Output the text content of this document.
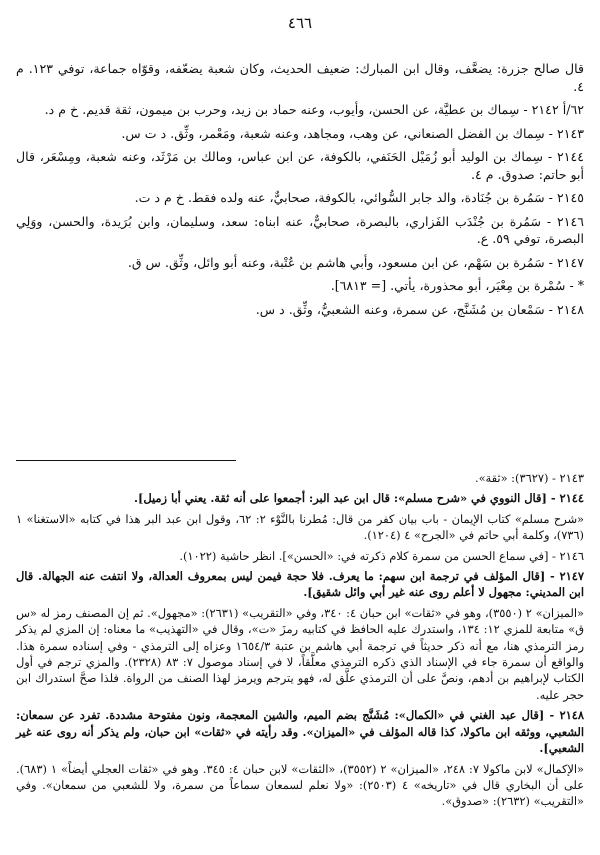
٤٦٦

قال صالح جزرة: يضعَّف، وقال ابن المبارك: ضعيف الحديث، وكان شعبة يضعّفه، وقوّاه جماعة، توفي ١٢٣. م ٤.

٦٢/أ ٢١٤٢ - سِماك بن عطيَّة، عن الحسن، وأيوب، وعنه حماد بن زيد، وحرب بن ميمون، ثقة قديم. خ م د.

٢١٤٣ - سِماك بن الفضل الصنعاني، عن وهب، ومجاهد، وعنه شعبة، ومَعْمر، وثِّق. د ت س.

٢١٤٤ - سِماك بن الوليد أبو زُمَيْل الحَنَفي، بالكوفة، عن ابن عباس، ومالك بن مَرْثَد، وعنه شعبة، ومِسْعَر، قال أبو حاتم: صدوق. م ٤.

٢١٤٥ - سَمُرة بن جُنَادة، والد جابر السُّوائي، بالكوفة، صحابيٌّ، عنه ولده فقط. خ م د ت.

٢١٤٦ - سَمُرة بن جُنْدَب الفَزاري، بالبصرة، صحابيٌّ، عنه ابناه: سعد، وسليمان، وابن بُرَيدة، والحسن، ووَلِي البصرة، توفي ٥٩. ع.

٢١٤٧ - سَمُرة بن سَهْم، عن ابن مسعود، وأبي هاشم بن عُتْبة، وعنه أبو وائل، وثِّق. س ق.

* - سُمْرة بن مِعْيَر، أبو محذورة، يأتي. [= ٦٨١٣].

٢١٤٨ - سَمْعان بن مُشَنَّج، عن سمرة، وعنه الشعبيُّ، وثِّق. د س.

٢١٤٣ - (٣٦٢٧): «ثقة».

٢١٤٤ - [قال النووي في «شرح مسلم»: قال ابن عبد البر: أجمعوا على أنه ثقة. يعني أبا زميل].

«شرح مسلم» كتاب الإيمان - باب بيان كفر من قال: مُطرنا بالنَّوْء ٢: ٦٢، وقول ابن عبد البر هذا في كتابه «الاستغنا» ١ (٧٣٦)، وكلمة أبي حاتم في «الجرح» ٤ (١٢٠٤).

٢١٤٦ - [في سماع الحسن من سمرة كلام ذكرته في: «الحسن»]. انظر حاشية (١٠٢٢).

٢١٤٧ - [قال المؤلف في ترجمة ابن سهم: ما يعرف. فلا حجة فيمن ليس بمعروف العدالة، ولا انتفت عنه الجهالة. قال ابن المديني: مجهول لا أعلم روى عنه غير أبي وائل شقيق].

«الميزان» ٢ (٣٥٥٠)، وهو في «ثقات» ابن حبان ٤: ٣٤٠، وفي «التقريب» (٢٦٣١): «مجهول». ثم إن المصنف رمز له «س ق» متابعة للمزي ١٢: ١٣٤، واستدرك عليه الحافظ في كتابيه رمزَ «ت»، وقال في «التهذيب» ما معناه: إن المزي لم يذكر رمز الترمذي هنا، مع أنه ذكر حديثاً في ترجمة أبي هاشم بن عتبة ١٦٥٤/٣ وعزاه إلى الترمذي - وفي إسناده سمرة هذا. والواقع أن سمرة جاء في الإسناد الذي ذكره الترمذي معلَّقاً، لا في إسناد موصول ٧: ٨٣ (٢٣٢٨). والمزي ترجم في أول الكتاب لإبراهيم بن أدهم، ونصَّ على أن الترمذي علَّق له، فهو يترجم ويرمز لهذا الصنف من الرواة. فلذا صحَّ استدراك ابن حجر عليه.

٢١٤٨ - [قال عبد الغني في «الكمال»: مُشَنَّج بضم الميم، والشين المعجمة، ونون مفتوحة مشددة. تفرد عن سمعان: الشعبي، ووثقه ابن ماكولا، كذا قاله المؤلف في «الميزان». وقد رأيته في «ثقات» ابن حبان، ولم يذكر أنه روى عنه غير الشعبي].

«الإكمال» لابن ماكولا ٧: ٢٤٨، «الميزان» ٢ (٣٥٥٢)، «الثقات» لابن حبان ٤: ٣٤٥. وهو في «ثقات العجلي أيضاً» ١ (٦٨٣). على أن البخاري قال في «تاريخه» ٤ (٢٥٠٣): «ولا نعلم لسمعان سماعاً من سمرة، ولا للشعبي من سمعان». وفي «التقريب» (٢٦٣٢): «صدوق».
